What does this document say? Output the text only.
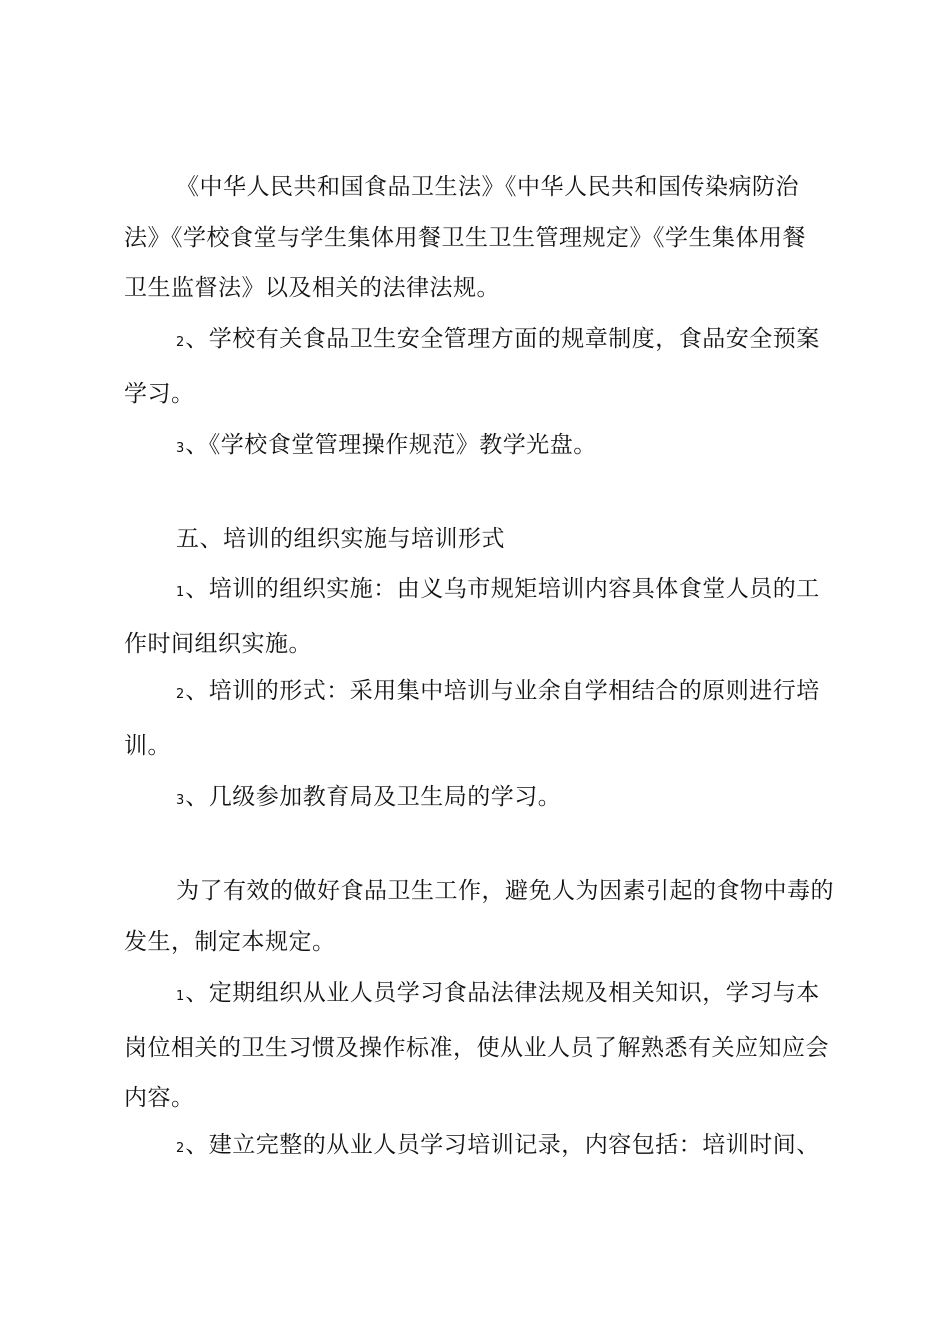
《中华人民共和国食品卫生法》《中华人民共和国传染病防治
法》《学校食堂与学生集体用餐卫生卫生管理规定》《学生集体用餐
卫生监督法》以及相关的法律法规。
2、学校有关食品卫生安全管理方面的规章制度，食品安全预案
学习。
3、《学校食堂管理操作规范》教学光盘。
五、培训的组织实施与培训形式
1、培训的组织实施：由义乌市规矩培训内容具体食堂人员的工
作时间组织实施。
2、培训的形式：采用集中培训与业余自学相结合的原则进行培
训。
3、几级参加教育局及卫生局的学习。
为了有效的做好食品卫生工作，避免人为因素引起的食物中毒的
发生，制定本规定。
1、定期组织从业人员学习食品法律法规及相关知识，学习与本
岗位相关的卫生习惯及操作标准，使从业人员了解熟悉有关应知应会
内容。
2、建立完整的从业人员学习培训记录，内容包括：培训时间、
